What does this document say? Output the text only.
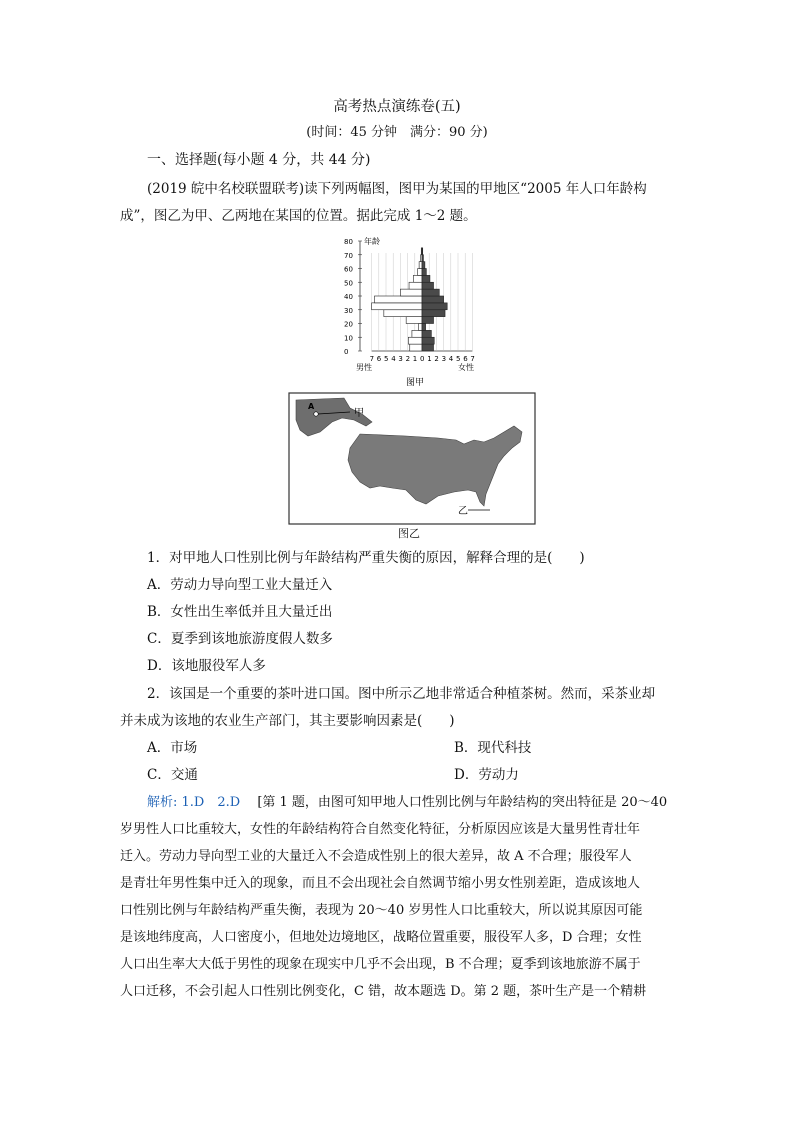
高考热点演练卷(五)
(时间：45 分钟　满分：90 分)
一、选择题(每小题 4 分，共 44 分)
(2019 皖中名校联盟联考)读下列两幅图，图甲为某国的甲地区“2005 年人口年龄构
成”，图乙为甲、乙两地在某国的位置。据此完成 1～2 题。
80
70
60
50
40
30
20
10
0
7 6 5 4 3 2 1 0 1 2 3 4 5 6 7
年龄
男性	女性
图甲
A
甲
乙
图乙
1．对甲地人口性别比例与年龄结构严重失衡的原因，解释合理的是(　　)
A．劳动力导向型工业大量迁入
B．女性出生率低并且大量迁出
C．夏季到该地旅游度假人数多
D．该地服役军人多
2．该国是一个重要的茶叶进口国。图中所示乙地非常适合种植茶树。然而，采茶业却
并未成为该地的农业生产部门，其主要影响因素是(　　)
A．市场	B．现代科技
C．交通	D．劳动力
解析: 1.D　2.D　 [第 1 题，由图可知甲地人口性别比例与年龄结构的突出特征是 20～40
岁男性人口比重较大，女性的年龄结构符合自然变化特征，分析原因应该是大量男性青壮年
迁入。劳动力导向型工业的大量迁入不会造成性别上的很大差异，故 A 不合理；服役军人
是青壮年男性集中迁入的现象，而且不会出现社会自然调节缩小男女性别差距，造成该地人
口性别比例与年龄结构严重失衡，表现为 20～40 岁男性人口比重较大，所以说其原因可能
是该地纬度高，人口密度小，但地处边境地区，战略位置重要，服役军人多，D 合理；女性
人口出生率大大低于男性的现象在现实中几乎不会出现，B 不合理；夏季到该地旅游不属于
人口迁移，不会引起人口性别比例变化，C 错，故本题选 D。第 2 题，茶叶生产是一个精耕
